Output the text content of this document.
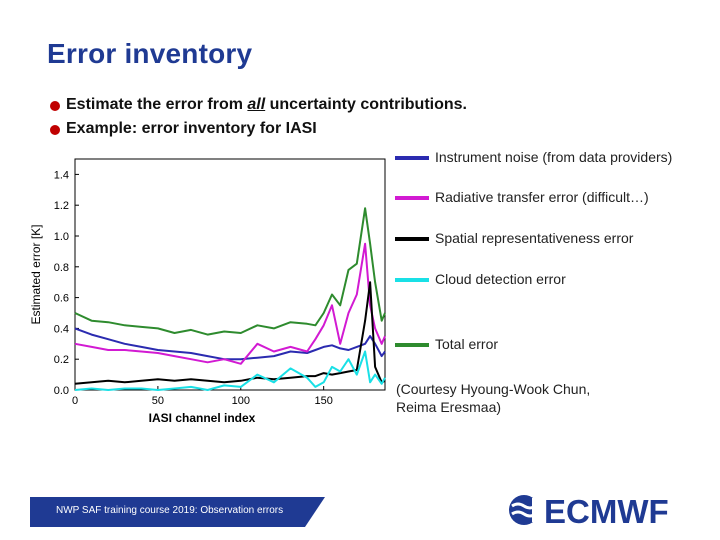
Error inventory
Estimate the error from all uncertainty contributions.
Example: error inventory for IASI
0.0
0.2
0.4
0.6
0.8
1.0
1.2
1.4
0	50	100	150
IASI channel index
Estimated error [K]
Instrument noise (from data providers)
Radiative transfer error (difficult…)
Spatial representativeness error
Cloud detection error
Total error
(Courtesy Hyoung-Wook Chun,
Reima Eresmaa)
NWP SAF training course 2019: Observation errors	ECMWF
